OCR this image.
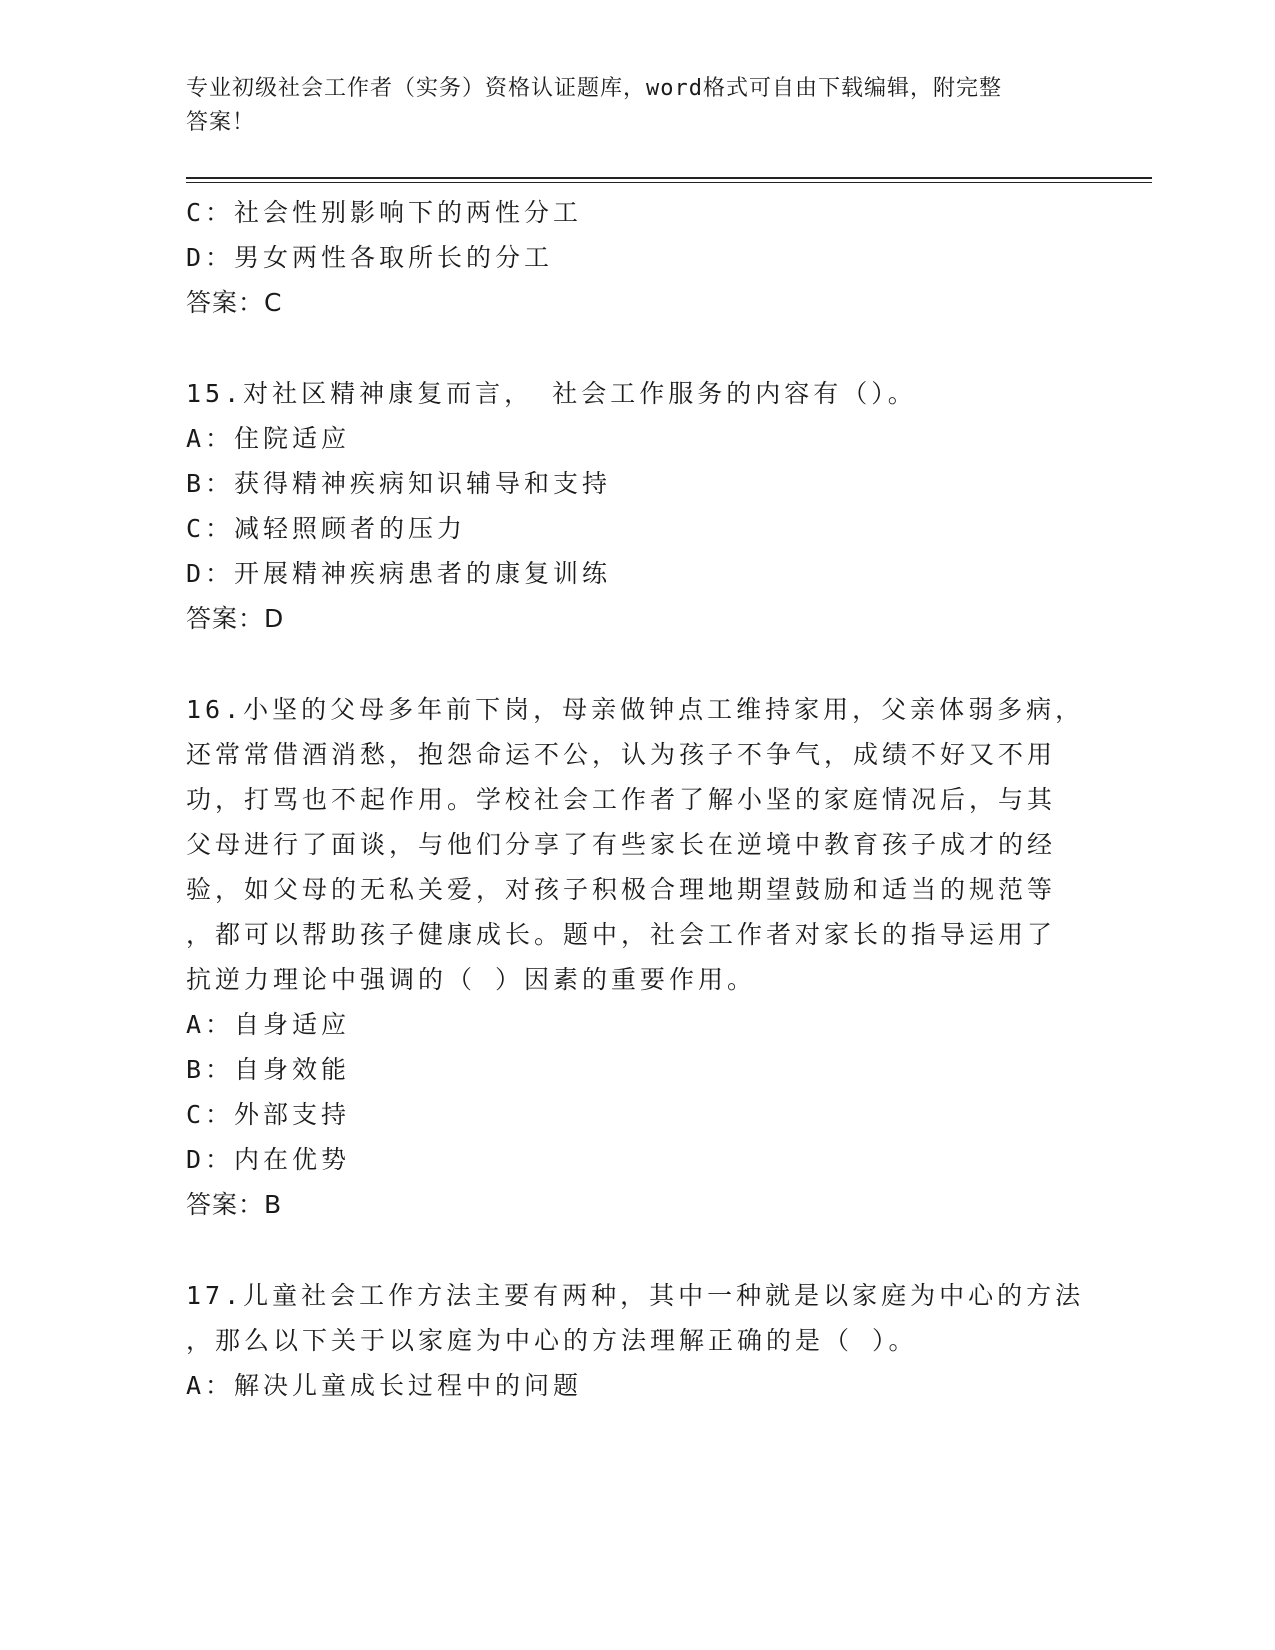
专业初级社会工作者（实务）资格认证题库，word格式可自由下载编辑，附完整
答案！
C：社会性别影响下的两性分工
D：男女两性各取所长的分工
答案：C
15.对社区精神康复而言， 社会工作服务的内容有（）。
A：住院适应
B：获得精神疾病知识辅导和支持
C：减轻照顾者的压力
D：开展精神疾病患者的康复训练
答案：D
16.小坚的父母多年前下岗，母亲做钟点工维持家用，父亲体弱多病，
还常常借酒消愁，抱怨命运不公，认为孩子不争气，成绩不好又不用
功，打骂也不起作用。学校社会工作者了解小坚的家庭情况后，与其
父母进行了面谈，与他们分享了有些家长在逆境中教育孩子成才的经
验，如父母的无私关爱，对孩子积极合理地期望鼓励和适当的规范等
，都可以帮助孩子健康成长。题中，社会工作者对家长的指导运用了
抗逆力理论中强调的（ ）因素的重要作用。
A：自身适应
B：自身效能
C：外部支持
D：内在优势
答案：B
17.儿童社会工作方法主要有两种，其中一种就是以家庭为中心的方法
，那么以下关于以家庭为中心的方法理解正确的是（ ）。
A：解决儿童成长过程中的问题
